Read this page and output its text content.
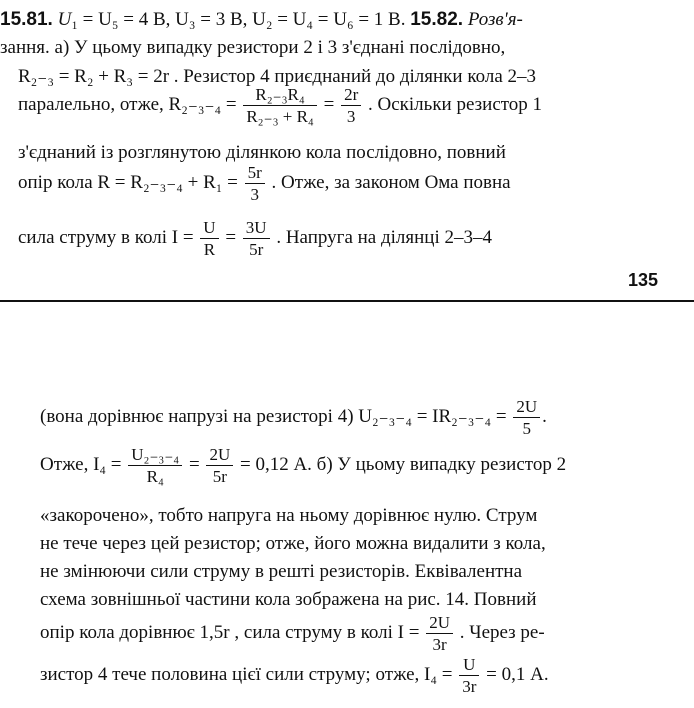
15.81. U₁ = U₅ = 4 В, U₃ = 3 В, U₂ = U₄ = U₆ = 1 В. 15.82. Розв'я-
зання. а) У цьому випадку резистори 2 і 3 з'єднані послідовно,
R₂₋₃ = R₂ + R₃ = 2r . Резистор 4 приєднаний до ділянки кола 2–3
паралельно, отже, $R_{2-3-4} = \frac{\text{R₂₋₃R₄}}{\text{R₂₋₃ + R₄}} = \frac{2r}{3}$ . Оскільки резистор 1
з'єднаний із розглянутою ділянкою кола послідовно, повний
опір кола $R = R_{2-3-4} + R_1 = \frac{5r}{3}$ . Отже, за законом Ома повна
сила струму в колі $I = \frac{U}{R} = \frac{3U}{5r}$ . Напруга на ділянці 2–3–4
135
(вона дорівнює напрузі на резисторі 4) $U_{2-3-4} = IR_{2-3-4} = \frac{2U}{5}$ .
Отже, $I_4 = \frac{\text{U₂₋₃₋₄}}{\text{R₄}} = \frac{2U}{5r} = 0,12$ А. б) У цьому випадку резистор 2
«закорочено», тобто напруга на ньому дорівнює нулю. Струм
не тече через цей резистор; отже, його можна видалити з кола,
не змінюючи сили струму в решті резисторів. Еквівалентна
схема зовнішньої частини кола зображена на рис. 14. Повний
опір кола дорівнює 1,5r , сила струму в колі $I = \frac{2U}{3r}$ . Через ре-
зистор 4 тече половина цієї сили струму; отже, $I_4 = \frac{U}{3r} = 0,1$ А.
